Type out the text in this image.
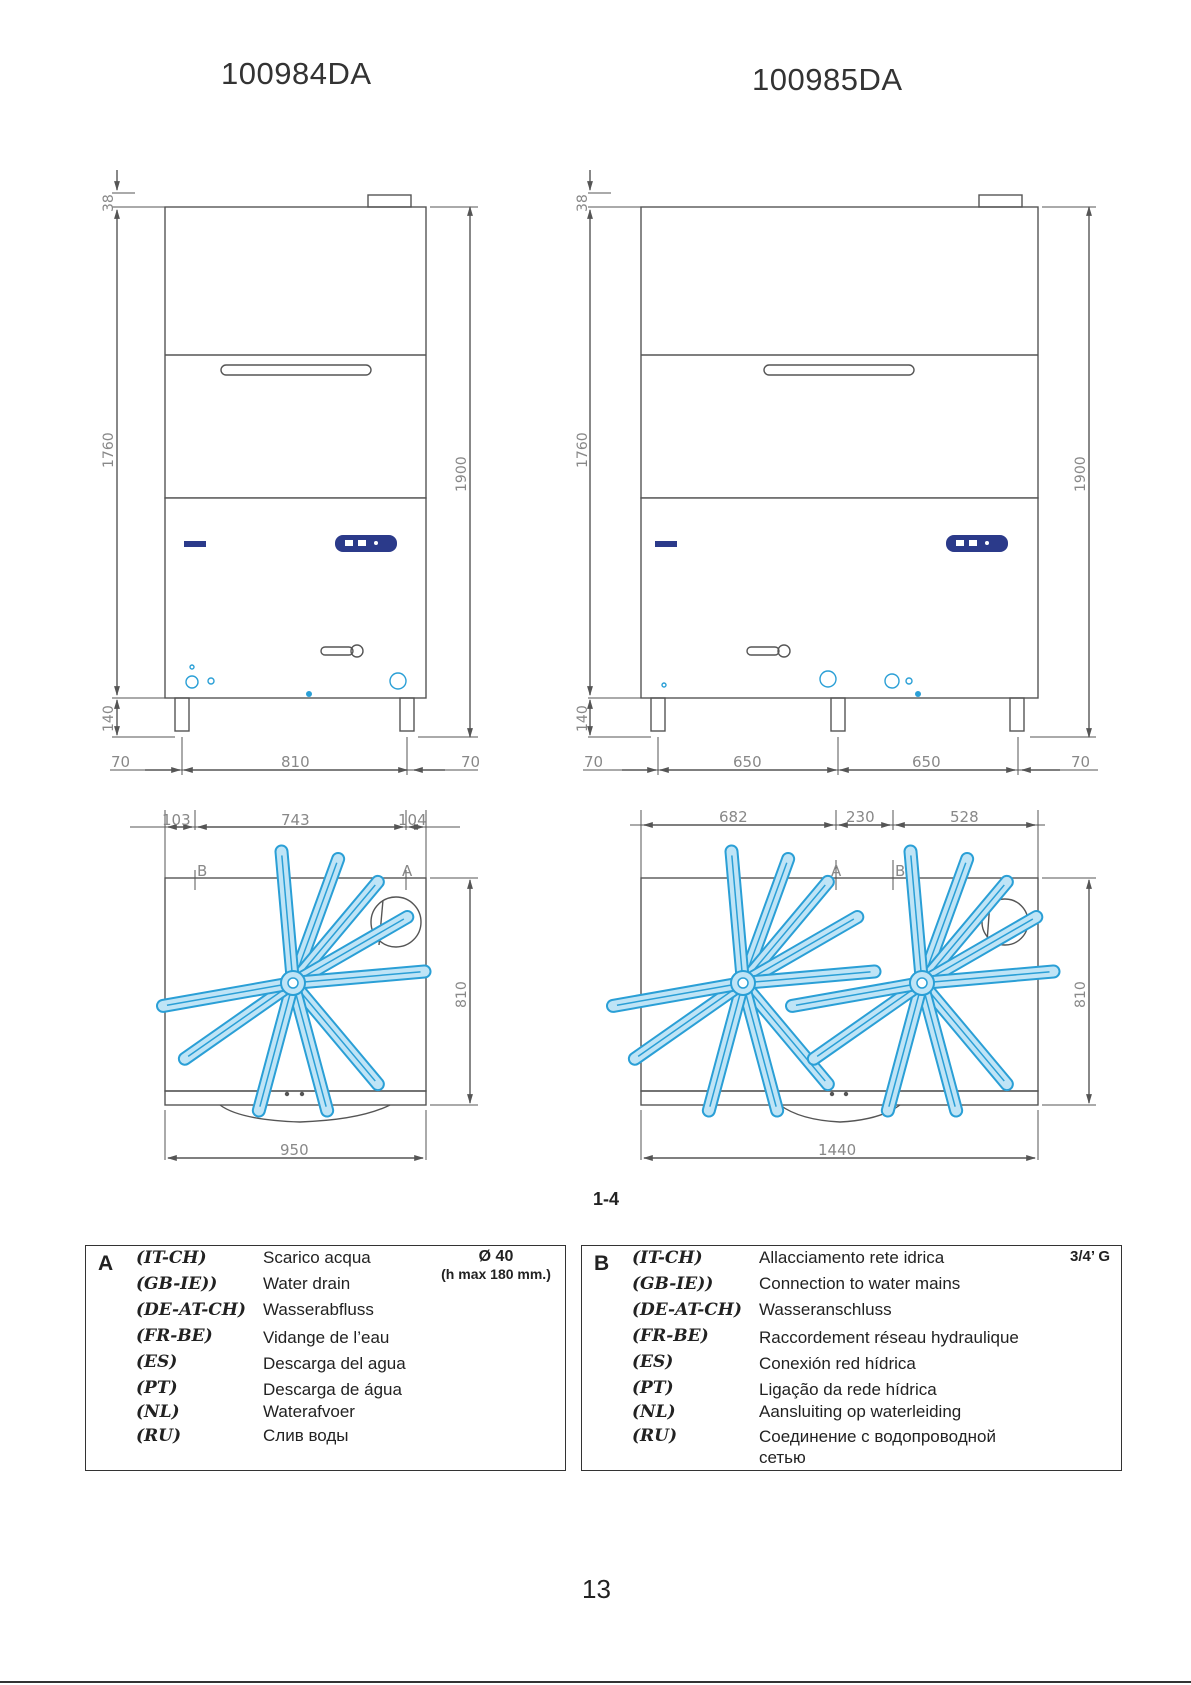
100984DA	100985DA
38
1760
140
1900
70	810	70
38
1760
140
1900
70	650	650	70
103	743	104
B	A
810
950
682	230	528
A	B
810
1440
1-4
A	Ø 40
(h max 180 mm.)
(IT-CH)	Scarico acqua
(GB-IE))	Water drain
(DE-AT-CH) Wasserabfluss
(FR-BE)	Vidange de l’eau
(ES)	Descarga del agua
(PT)	Descarga de água
(NL)	Waterafvoer
(RU)	Слив воды
B	3/4’ G
(IT-CH)	Allacciamento rete idrica
(GB-IE))	Connection to water mains
(DE-AT-CH) Wasseranschluss
(FR-BE)	Raccordement réseau hydraulique
(ES)	Conexión red hídrica
(PT)	Ligação da rede hídrica
(NL)	Aansluiting op waterleiding
(RU)	Соединение с водопроводной сетью
13
